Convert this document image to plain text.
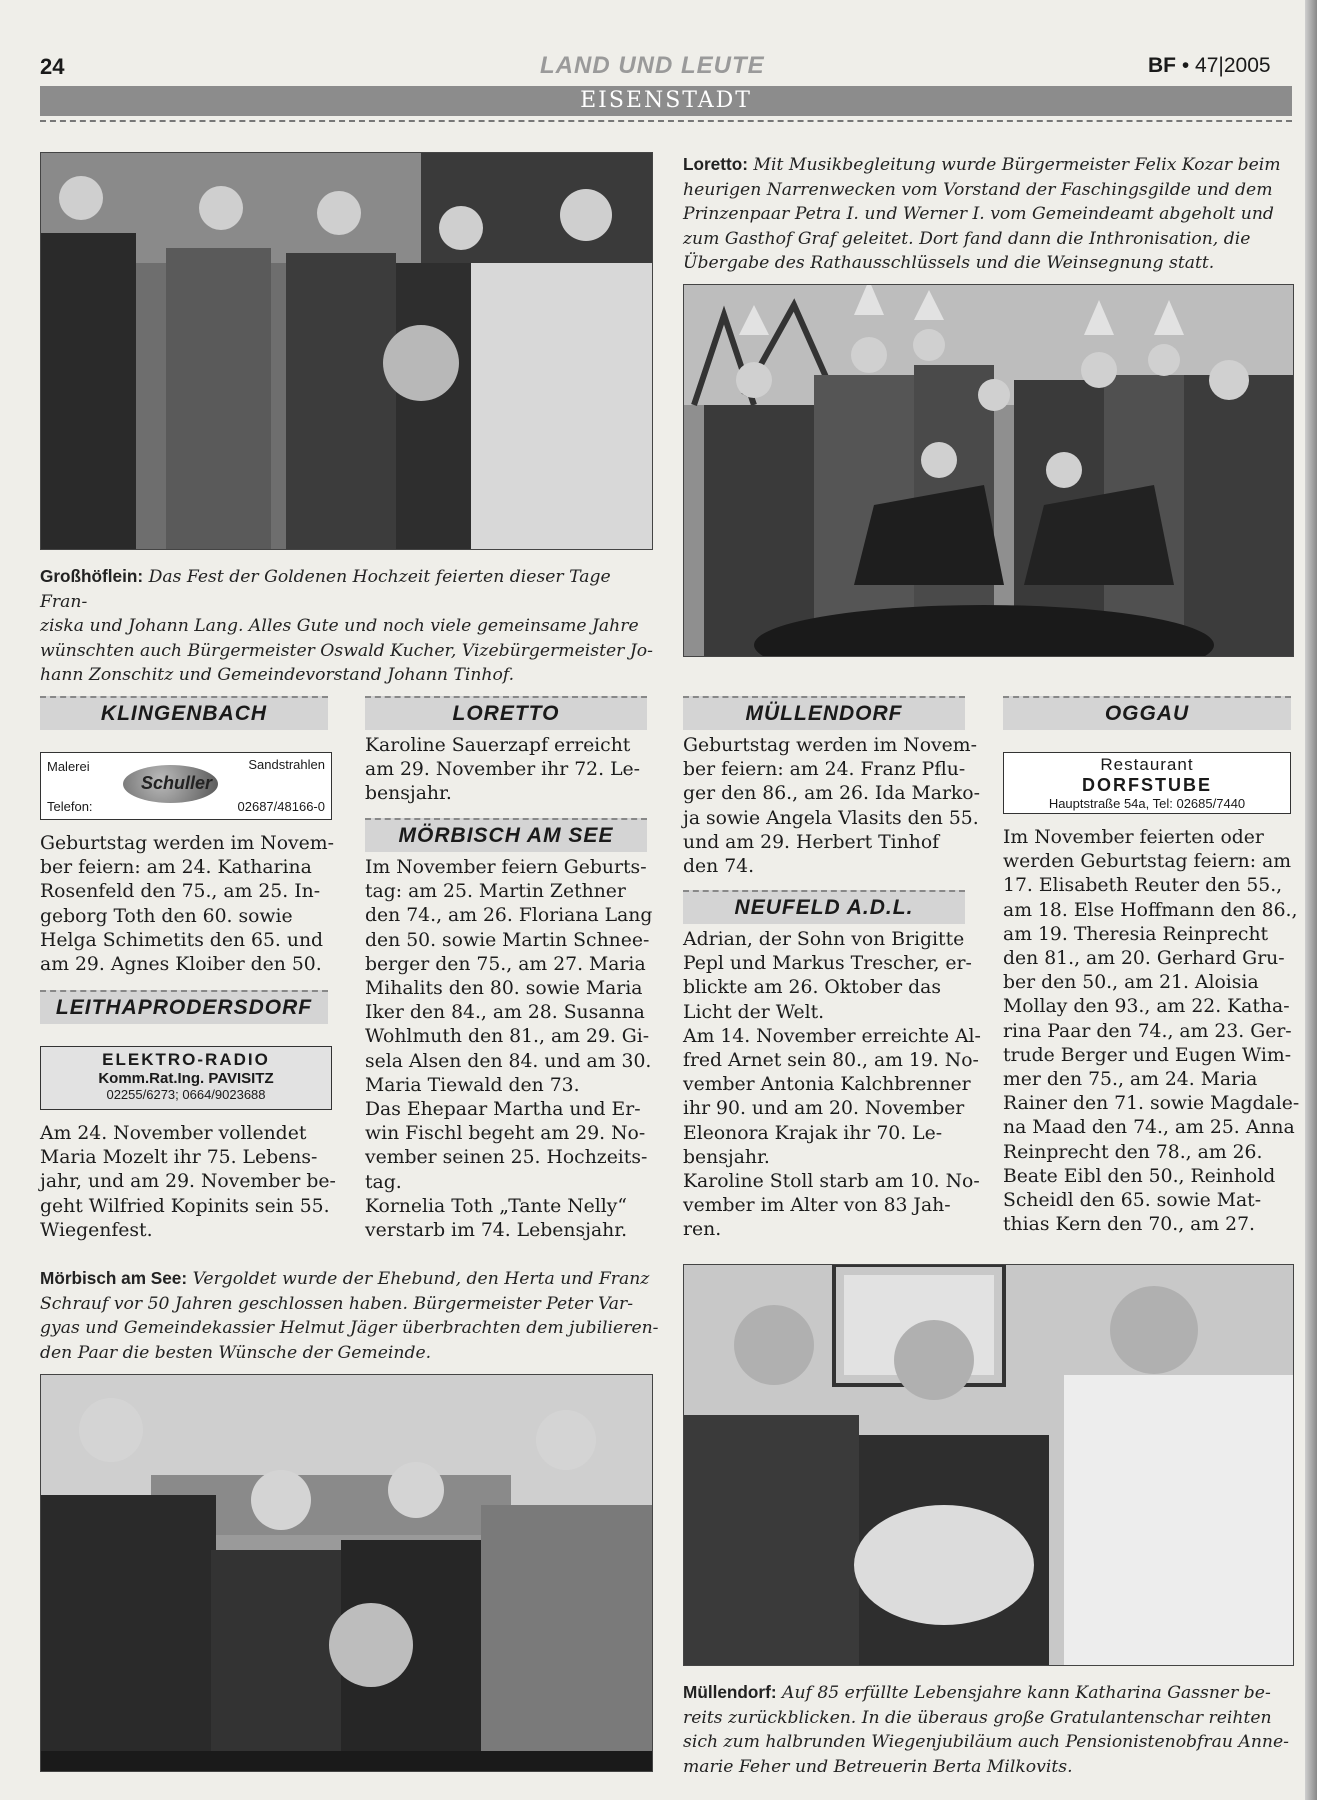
24	LAND UND LEUTE	BF • 47|2005
EISENSTADT
Großhöflein: Das Fest der Goldenen Hochzeit feierten dieser Tage Fran-
ziska und Johann Lang. Alles Gute und noch viele gemeinsame Jahre
wünschten auch Bürgermeister Oswald Kucher, Vizebürgermeister Jo-
hann Zonschitz und Gemeindevorstand Johann Tinhof.
Loretto: Mit Musikbegleitung wurde Bürgermeister Felix Kozar beim
heurigen Narrenwecken vom Vorstand der Faschingsgilde und dem
Prinzenpaar Petra I. und Werner I. vom Gemeindeamt abgeholt und
zum Gasthof Graf geleitet. Dort fand dann die Inthronisation, die
Übergabe des Rathausschlüssels und die Weinsegnung statt.
KLINGENBACH
Malerei	Sandstrahlen
Schuller
Telefon:	02687/48166-0
Geburtstag werden im Novem-
ber feiern: am 24. Katharina
Rosenfeld den 75., am 25. In-
geborg Toth den 60. sowie
Helga Schimetits den 65. und
am 29. Agnes Kloiber den 50.
LEITHAPRODERSDORF
ELEKTRO-RADIO
Komm.Rat.Ing. PAVISITZ
02255/6273; 0664/9023688
Am 24. November vollendet
Maria Mozelt ihr 75. Lebens-
jahr, und am 29. November be-
geht Wilfried Kopinits sein 55.
Wiegenfest.
LORETTO
Karoline Sauerzapf erreicht
am 29. November ihr 72. Le-
bensjahr.
MÖRBISCH AM SEE
Im November feiern Geburts-
tag: am 25. Martin Zethner
den 74., am 26. Floriana Lang
den 50. sowie Martin Schnee-
berger den 75., am 27. Maria
Mihalits den 80. sowie Maria
Iker den 84., am 28. Susanna
Wohlmuth den 81., am 29. Gi-
sela Alsen den 84. und am 30.
Maria Tiewald den 73.
Das Ehepaar Martha und Er-
win Fischl begeht am 29. No-
vember seinen 25. Hochzeits-
tag.
Kornelia Toth „Tante Nelly“
verstarb im 74. Lebensjahr.
MÜLLENDORF
Geburtstag werden im Novem-
ber feiern: am 24. Franz Pflu-
ger den 86., am 26. Ida Marko-
ja sowie Angela Vlasits den 55.
und am 29. Herbert Tinhof
den 74.
NEUFELD A.D.L.
Adrian, der Sohn von Brigitte
Pepl und Markus Trescher, er-
blickte am 26. Oktober das
Licht der Welt.
Am 14. November erreichte Al-
fred Arnet sein 80., am 19. No-
vember Antonia Kalchbrenner
ihr 90. und am 20. November
Eleonora Krajak ihr 70. Le-
bensjahr.
Karoline Stoll starb am 10. No-
vember im Alter von 83 Jah-
ren.
OGGAU
Restaurant
DORFSTUBE
Hauptstraße 54a, Tel: 02685/7440
Im November feierten oder
werden Geburtstag feiern: am
17. Elisabeth Reuter den 55.,
am 18. Else Hoffmann den 86.,
am 19. Theresia Reinprecht
den 81., am 20. Gerhard Gru-
ber den 50., am 21. Aloisia
Mollay den 93., am 22. Katha-
rina Paar den 74., am 23. Ger-
trude Berger und Eugen Wim-
mer den 75., am 24. Maria
Rainer den 71. sowie Magdale-
na Maad den 74., am 25. Anna
Reinprecht den 78., am 26.
Beate Eibl den 50., Reinhold
Scheidl den 65. sowie Mat-
thias Kern den 70., am 27.
Mörbisch am See: Vergoldet wurde der Ehebund, den Herta und Franz
Schrauf vor 50 Jahren geschlossen haben. Bürgermeister Peter Var-
gyas und Gemeindekassier Helmut Jäger überbrachten dem jubilieren-
den Paar die besten Wünsche der Gemeinde.
Müllendorf: Auf 85 erfüllte Lebensjahre kann Katharina Gassner be-
reits zurückblicken. In die überaus große Gratulantenschar reihten
sich zum halbrunden Wiegenjubiläum auch Pensionistenobfrau Anne-
marie Feher und Betreuerin Berta Milkovits.
